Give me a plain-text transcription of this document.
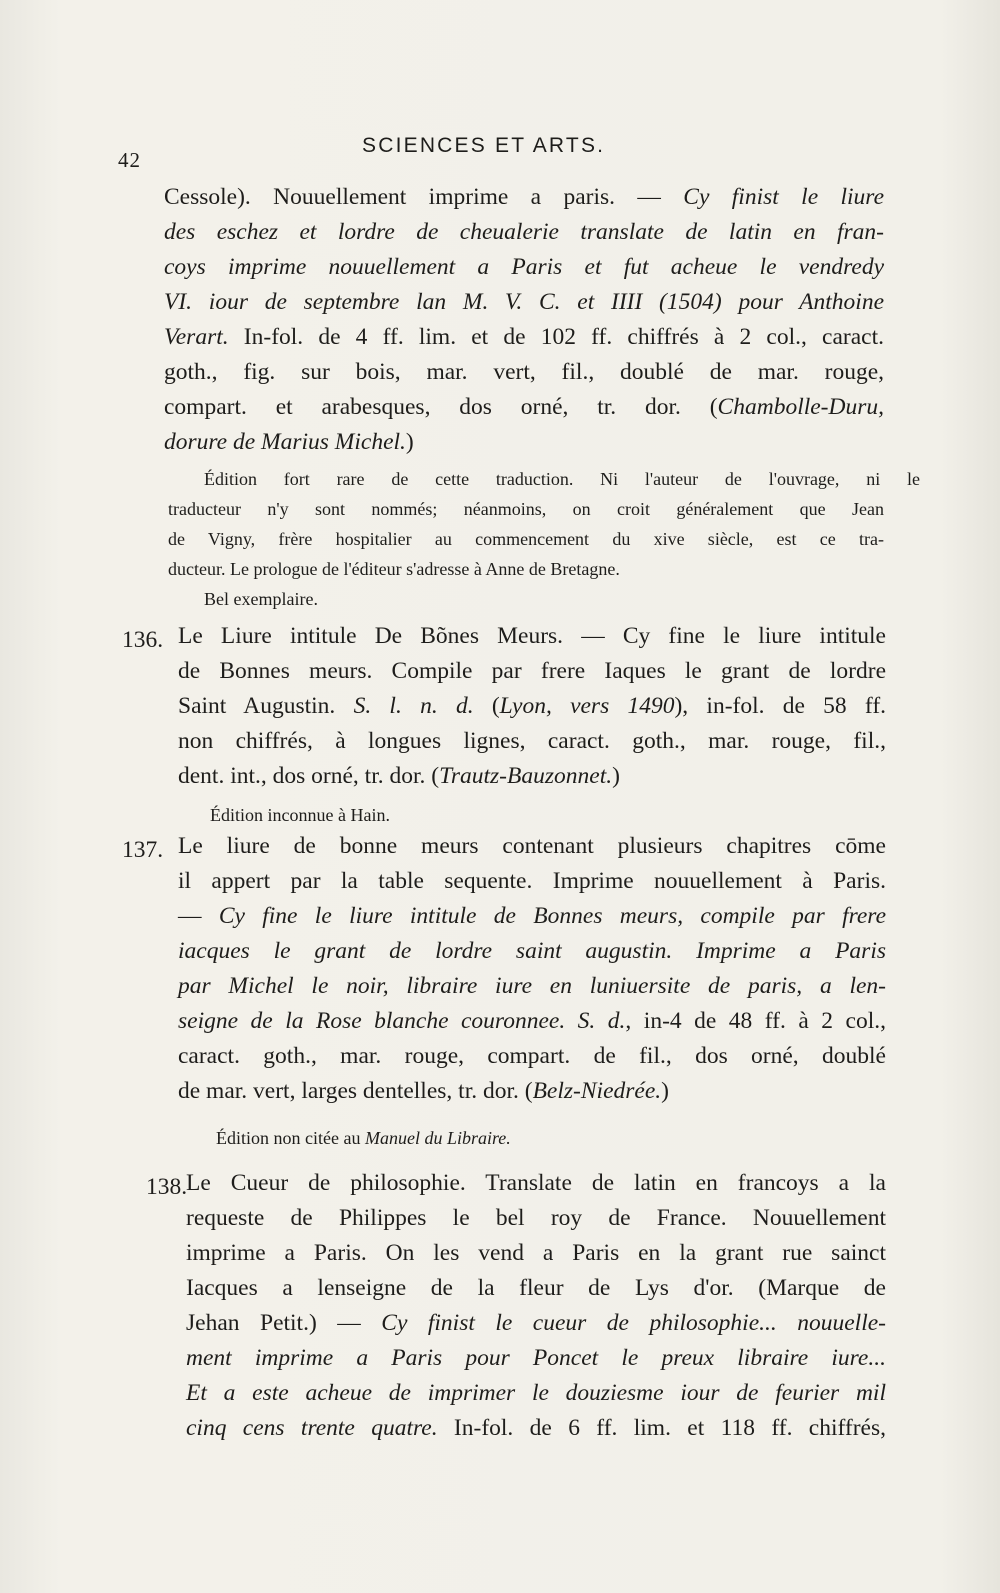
42
SCIENCES ET ARTS.
Cessole). Nouuellement imprime a paris. — Cy finist le liure
des eschez et lordre de cheualerie translate de latin en fran-
coys imprime nouuellement a Paris et fut acheue le vendredy
VI. iour de septembre lan M. V. C. et IIII (1504) pour Anthoine
Verart. In-fol. de 4 ff. lim. et de 102 ff. chiffrés à 2 col., caract.
goth., fig. sur bois, mar. vert, fil., doublé de mar. rouge,
compart. et arabesques, dos orné, tr. dor. (Chambolle-Duru,
dorure de Marius Michel.)
Édition fort rare de cette traduction. Ni l'auteur de l'ouvrage, ni le
traducteur n'y sont nommés; néanmoins, on croit généralement que Jean
de Vigny, frère hospitalier au commencement du xive siècle, est ce tra-
ducteur. Le prologue de l'éditeur s'adresse à Anne de Bretagne.
Bel exemplaire.
136. Le Liure intitule De Bõnes Meurs. — Cy fine le liure intitule
de Bonnes meurs. Compile par frere Iaques le grant de lordre
Saint Augustin. S. l. n. d. (Lyon, vers 1490), in-fol. de 58 ff.
non chiffrés, à longues lignes, caract. goth., mar. rouge, fil.,
dent. int., dos orné, tr. dor. (Trautz-Bauzonnet.)
Édition inconnue à Hain.
137. Le liure de bonne meurs contenant plusieurs chapitres cōme
il appert par la table sequente. Imprime nouuellement à Paris.
— Cy fine le liure intitule de Bonnes meurs, compile par frere
iacques le grant de lordre saint augustin. Imprime a Paris
par Michel le noir, libraire iure en luniuersite de paris, a len-
seigne de la Rose blanche couronnee. S. d., in-4 de 48 ff. à 2 col.,
caract. goth., mar. rouge, compart. de fil., dos orné, doublé
de mar. vert, larges dentelles, tr. dor. (Belz-Niedrée.)
Édition non citée au Manuel du Libraire.
138.
Le Cueur de philosophie. Translate de latin en francoys a la
requeste de Philippes le bel roy de France. Nouuellement
imprime a Paris. On les vend a Paris en la grant rue sainct
Iacques a lenseigne de la fleur de Lys d'or. (Marque de
Jehan Petit.) — Cy finist le cueur de philosophie... nouuelle-
ment imprime a Paris pour Poncet le preux libraire iure...
Et a este acheue de imprimer le douziesme iour de feurier mil
cinq cens trente quatre. In-fol. de 6 ff. lim. et 118 ff. chiffrés,
